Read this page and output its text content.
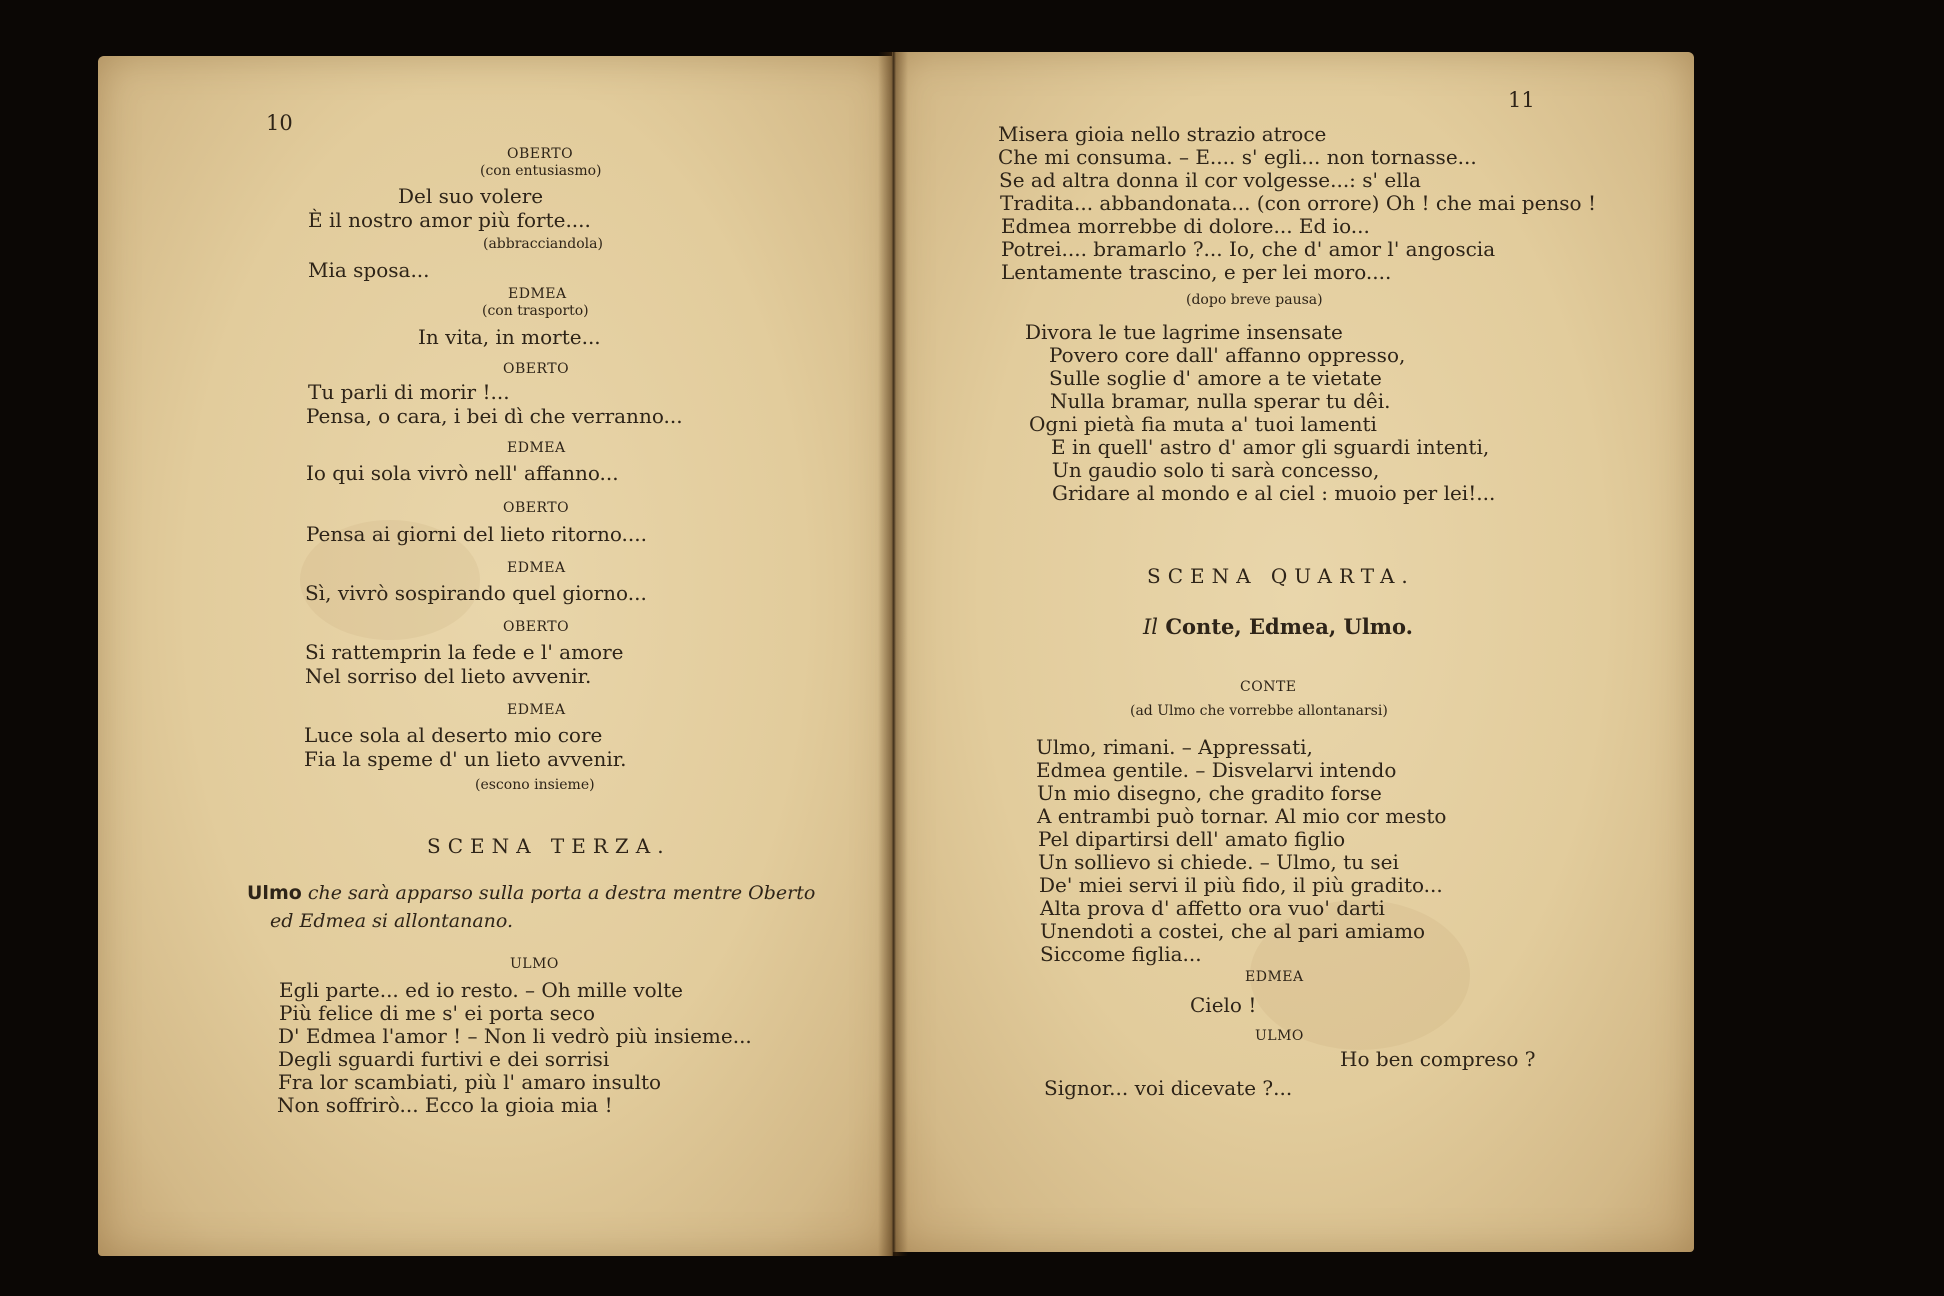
10
OBERTO
(con entusiasmo)
Del suo volere
È il nostro amor più forte....
(abbracciandola)
Mia sposa...
EDMEA
(con trasporto)
In vita, in morte...
OBERTO
Tu parli di morir !...
Pensa, o cara, i bei dì che verranno...
EDMEA
Io qui sola vivrò nell' affanno...
OBERTO
Pensa ai giorni del lieto ritorno....
EDMEA
Sì, vivrò sospirando quel giorno...
OBERTO
Si rattemprin la fede e l' amore
Nel sorriso del lieto avvenir.
EDMEA
Luce sola al deserto mio core
Fia la speme d' un lieto avvenir.
(escono insieme)
SCENA TERZA.
Ulmo che sarà apparso sulla porta a destra mentre Oberto
ed Edmea si allontanano.
ULMO
Egli parte... ed io resto. – Oh mille volte
Più felice di me s' ei porta seco
D' Edmea l'amor ! – Non li vedrò più insieme...
Degli sguardi furtivi e dei sorrisi
Fra lor scambiati, più l' amaro insulto
Non soffrirò... Ecco la gioia mia !
11
Misera gioia nello strazio atroce
Che mi consuma. – E.... s' egli... non tornasse...
Se ad altra donna il cor volgesse...: s' ella
Tradita... abbandonata... (con orrore) Oh ! che mai penso !
Edmea morrebbe di dolore... Ed io...
Potrei.... bramarlo ?... Io, che d' amor l' angoscia
Lentamente trascino, e per lei moro....
(dopo breve pausa)
Divora le tue lagrime insensate
Povero core dall' affanno oppresso,
Sulle soglie d' amore a te vietate
Nulla bramar, nulla sperar tu dêi.
Ogni pietà fia muta a' tuoi lamenti
E in quell' astro d' amor gli sguardi intenti,
Un gaudio solo ti sarà concesso,
Gridare al mondo e al ciel : muoio per lei!...
SCENA QUARTA.
Il Conte, Edmea, Ulmo.
CONTE
(ad Ulmo che vorrebbe allontanarsi)
Ulmo, rimani. – Appressati,
Edmea gentile. – Disvelarvi intendo
Un mio disegno, che gradito forse
A entrambi può tornar. Al mio cor mesto
Pel dipartirsi dell' amato figlio
Un sollievo si chiede. – Ulmo, tu sei
De' miei servi il più fido, il più gradito...
Alta prova d' affetto ora vuo' darti
Unendoti a costei, che al pari amiamo
Siccome figlia...
EDMEA
Cielo !
ULMO
Ho ben compreso ?
Signor... voi dicevate ?...
